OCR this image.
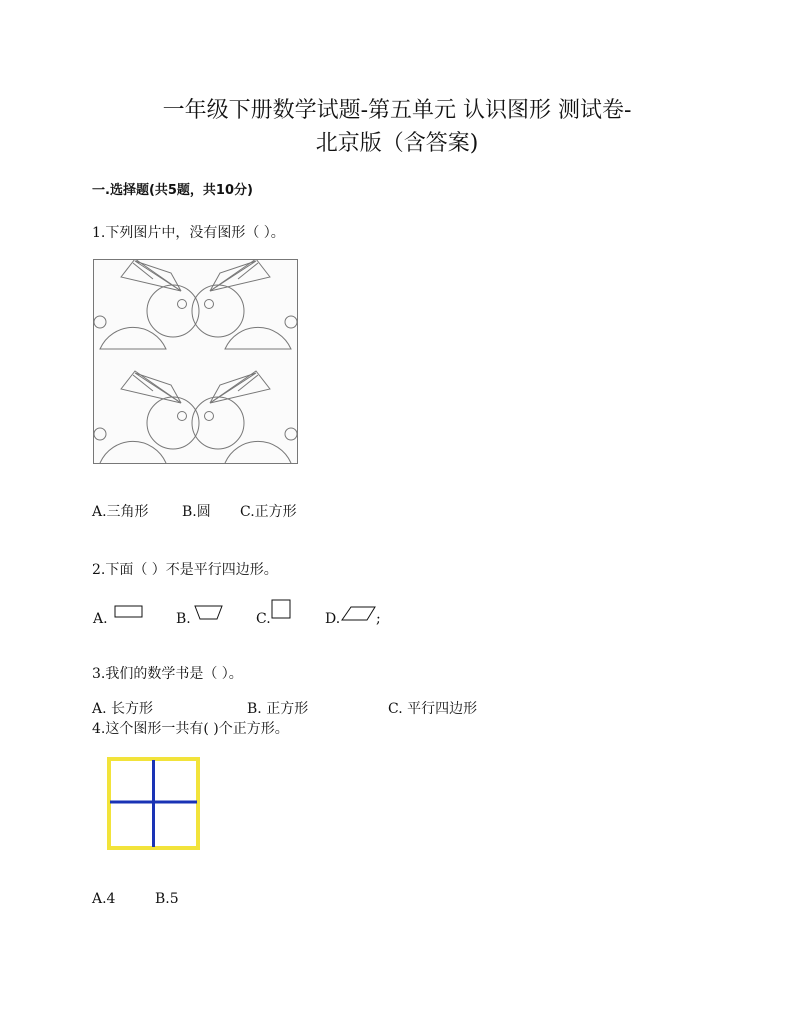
一年级下册数学试题-第五单元 认识图形 测试卷-
北京版（含答案)
一.选择题(共5题，共10分)
1.下列图片中，没有图形（ ）。
A.三角形 B.圆 C.正方形
2.下面（ ）不是平行四边形。
A.	B.	C.	D.	;
3.我们的数学书是（ ）。
A. 长方形	B. 正方形	C. 平行四边形
4.这个图形一共有( )个正方形。
A.4	B.5
